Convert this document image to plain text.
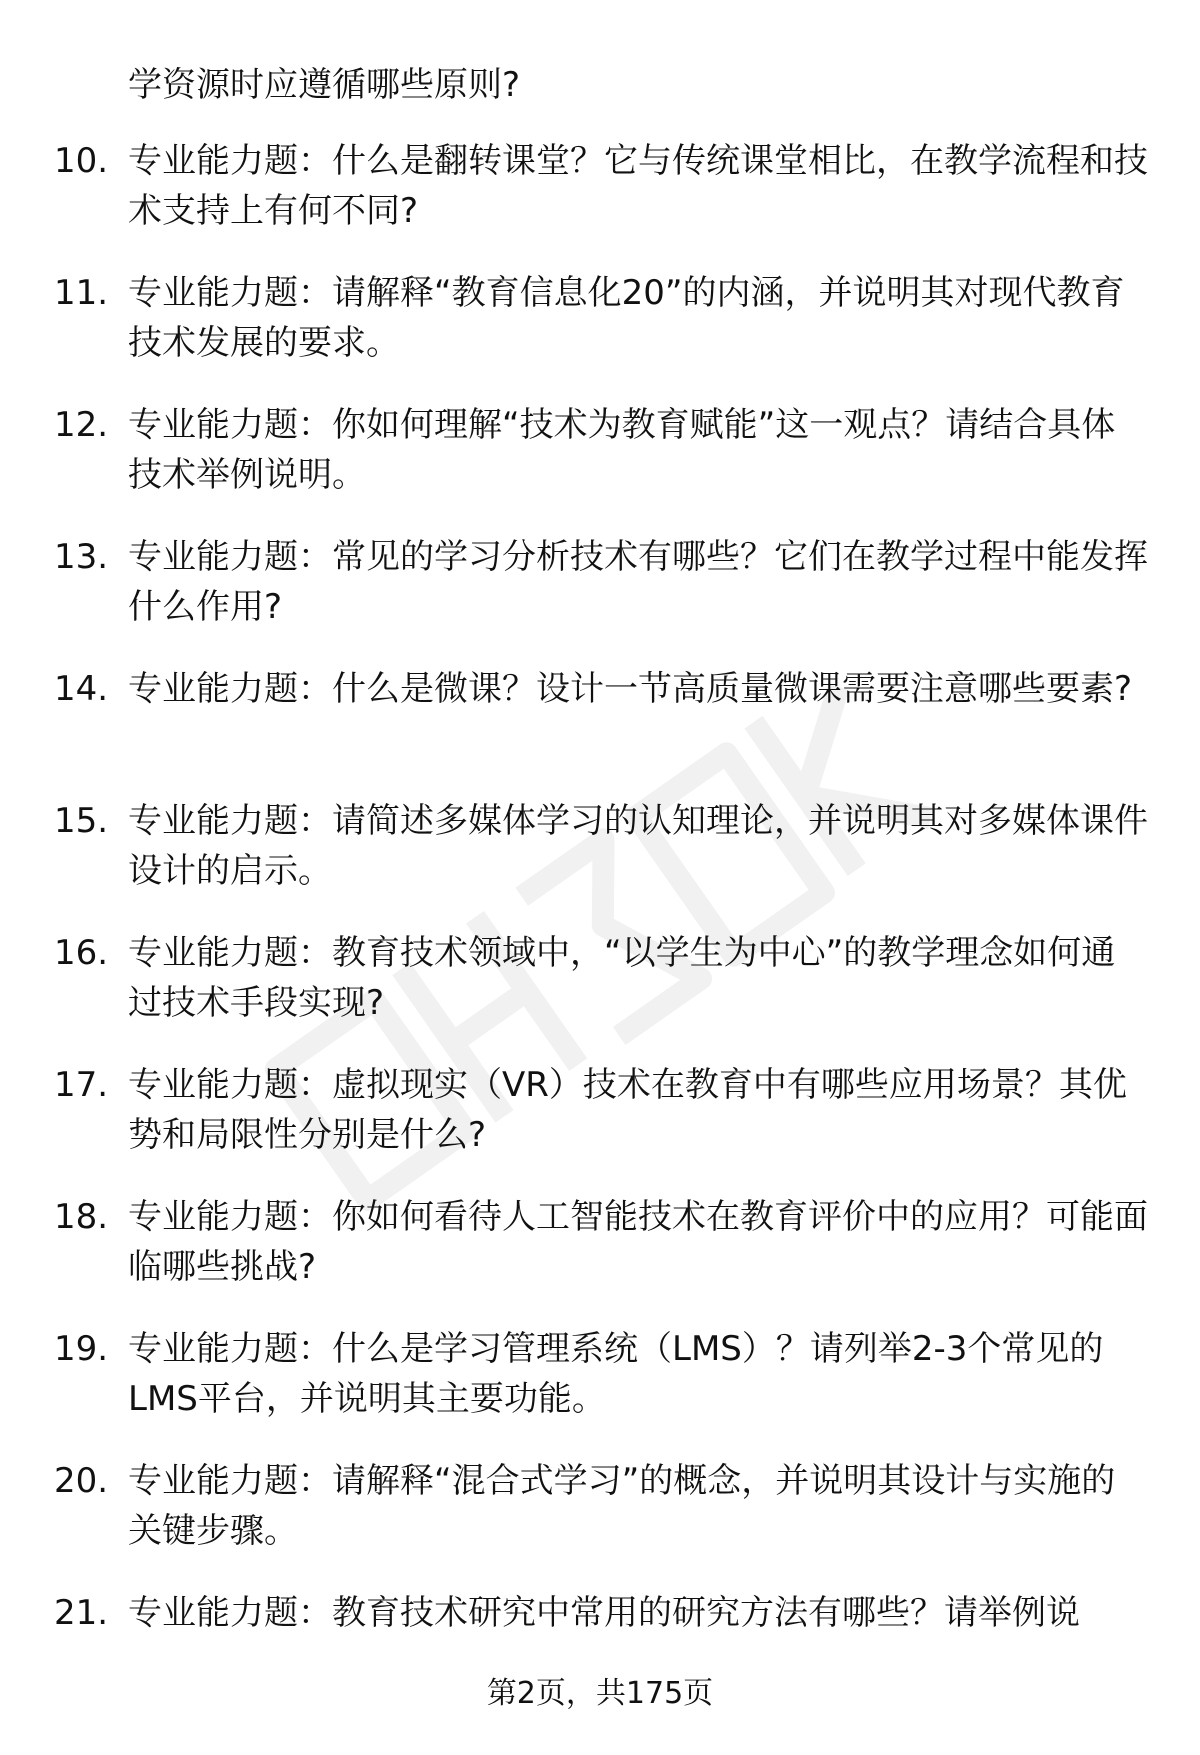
学资源时应遵循哪些原则?

10. 专业能力题：什么是翻转课堂？它与传统课堂相比，在教学流程和技术支持上有何不同?

11. 专业能力题：请解释“教育信息化20”的内涵，并说明其对现代教育技术发展的要求。

12. 专业能力题：你如何理解“技术为教育赋能”这一观点？请结合具体技术举例说明。

13. 专业能力题：常见的学习分析技术有哪些？它们在教学过程中能发挥什么作用?

14. 专业能力题：什么是微课？设计一节高质量微课需要注意哪些要素?

15. 专业能力题：请简述多媒体学习的认知理论，并说明其对多媒体课件设计的启示。

16. 专业能力题：教育技术领域中，“以学生为中心”的教学理念如何通过技术手段实现?

17. 专业能力题：虚拟现实（VR）技术在教育中有哪些应用场景？其优势和局限性分别是什么?

18. 专业能力题：你如何看待人工智能技术在教育评价中的应用？可能面临哪些挑战?

19. 专业能力题：什么是学习管理系统（LMS）？请列举2-3个常见的LMS平台，并说明其主要功能。

20. 专业能力题：请解释“混合式学习”的概念，并说明其设计与实施的关键步骤。

21. 专业能力题：教育技术研究中常用的研究方法有哪些？请举例说

第2页，共175页
